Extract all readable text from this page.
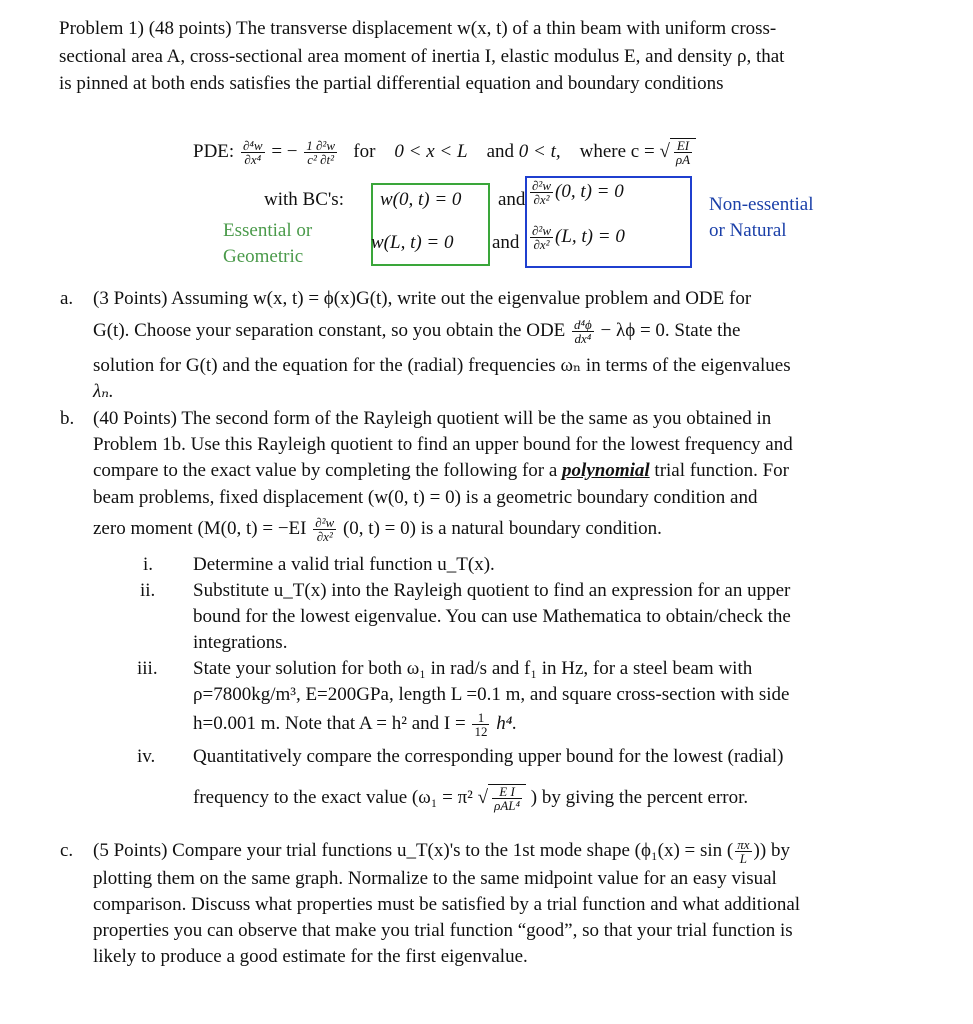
Problem 1) (48 points) The transverse displacement w(x, t) of a thin beam with uniform cross-
sectional area A, cross-sectional area moment of inertia I, elastic modulus E, and density ρ, that
is pinned at both ends satisfies the partial differential equation and boundary conditions
PDE: $\frac{\text{∂⁴w}}{\text{∂x⁴}}$ = − $\frac{\text{1 ∂²w}}{\text{c² ∂t²}}$ for 0 < x < L and 0 < t, where c = √ $\frac{EI}{\rho A}$
with BC's: w(0, t) = 0 and $\frac{\text{∂²w}}{\text{∂x²}} (0$, t) = 0
w(L, t) = 0 and $\frac{\text{∂²w}}{\text{∂x²}} (L$, t) = 0
Essential or
Geometric
Non-essential
or Natural
a. (3 Points) Assuming w(x, t) = ϕ(x)G(t), write out the eigenvalue problem and ODE for
G(t). Choose your separation constant, so you obtain the ODE $\frac{\text{d⁴ϕ}}{\text{dx⁴}} - \lambda\phi = 0$. State the
solution for G(t) and the equation for the (radial) frequencies ωₙ in terms of the eigenvalues
λₙ.
b. (40 Points) The second form of the Rayleigh quotient will be the same as you obtained in
Problem 1b. Use this Rayleigh quotient to find an upper bound for the lowest frequency and
compare to the exact value by completing the following for a polynomial trial function. For
beam problems, fixed displacement (w(0, t) = 0) is a geometric boundary condition and
zero moment (M(0, $t) = -EI \frac{\text{∂²w}}{\text{∂x²}} (0$, t) = 0) is a natural boundary condition.
i. Determine a valid trial function u_T(x).
ii. Substitute u_T(x) into the Rayleigh quotient to find an expression for an upper
bound for the lowest eigenvalue. You can use Mathematica to obtain/check the
integrations.
iii. State your solution for both ω₁ in rad/s and f₁ in Hz, for a steel beam with
ρ=7800kg/m³, E=200GPa, length L =0.1 m, and square cross-section with side
h=0.001 m. Note that A = h² and $I = \frac{1}{12} h^4$.
iv. Quantitatively compare the corresponding upper bound for the lowest (radial)
frequency to the exact value (ω₁ = π² √ $\frac{\text{E I}}{\text{ρAL⁴}}$ ) by giving the percent error.
c. (5 Points) Compare your trial functions u_T(x)'s to the 1st mode shape (ϕ₁(x) = sin ( $\frac{\pi x}{L}$ )) by
plotting them on the same graph. Normalize to the same midpoint value for an easy visual
comparison. Discuss what properties must be satisfied by a trial function and what additional
properties you can observe that make you trial function “good”, so that your trial function is
likely to produce a good estimate for the first eigenvalue.
